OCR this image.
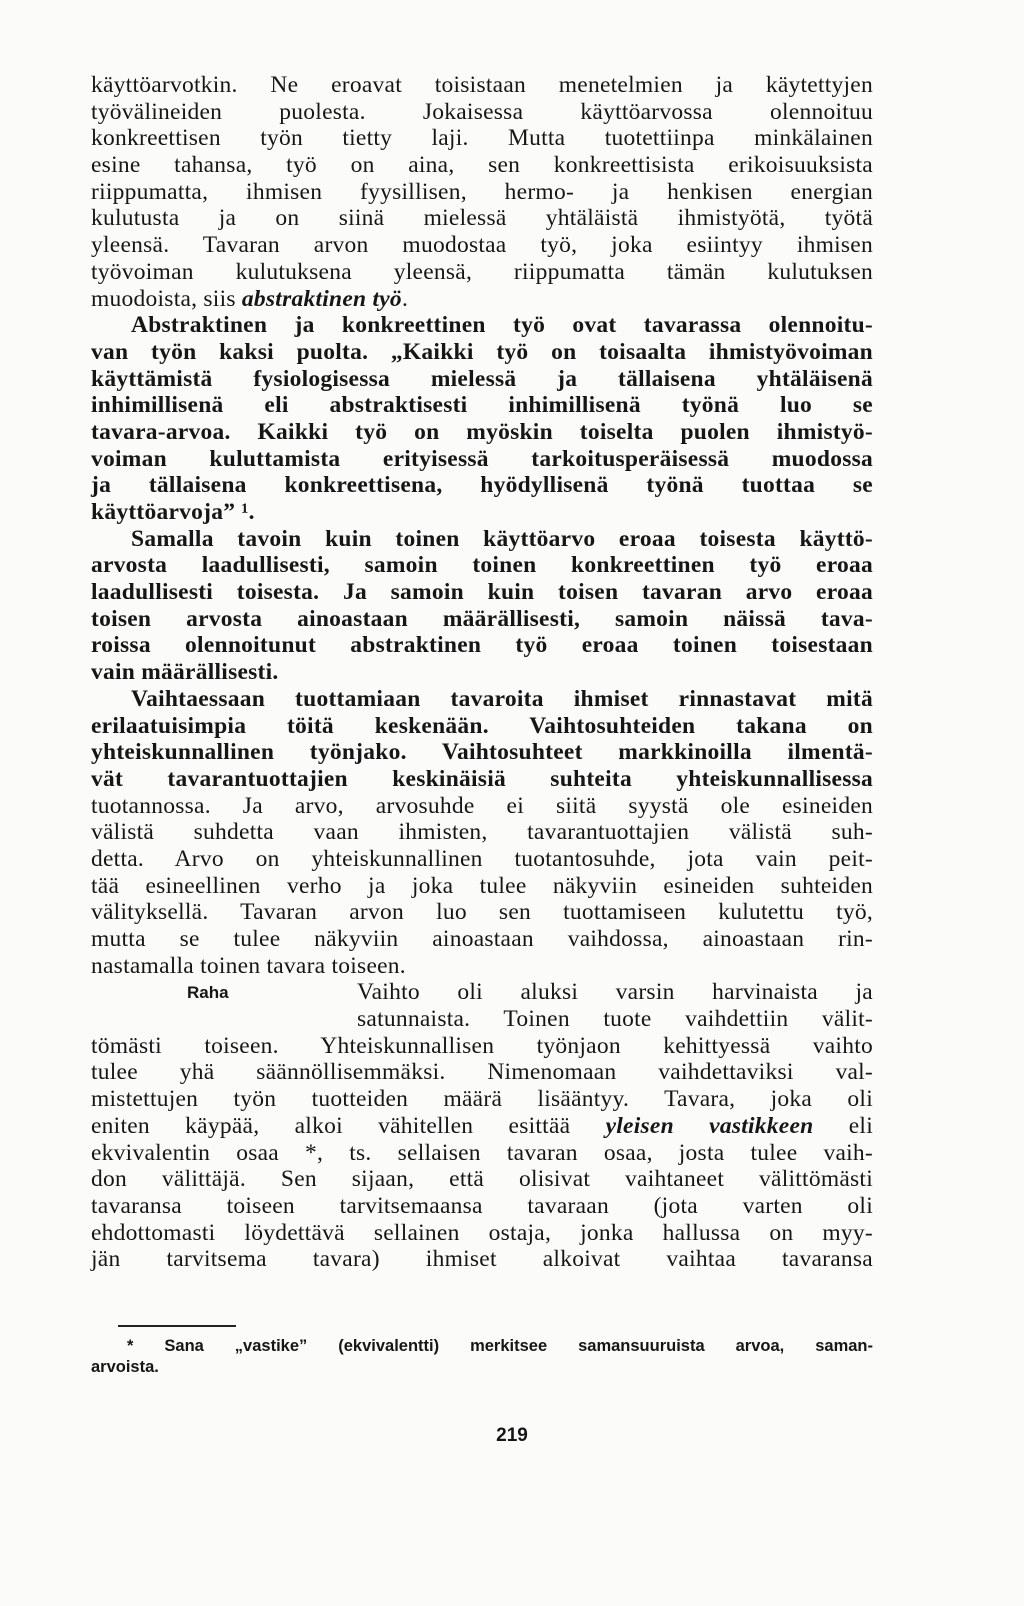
käyttöarvotkin. Ne eroavat toisistaan menetelmien ja käytettyjen
työvälineiden puolesta. Jokaisessa käyttöarvossa olennoituu
konkreettisen työn tietty laji. Mutta tuotettiinpa minkälainen
esine tahansa, työ on aina, sen konkreettisista erikoisuuksista
riippumatta, ihmisen fyysillisen, hermo- ja henkisen energian
kulutusta ja on siinä mielessä yhtäläistä ihmistyötä, työtä
yleensä. Tavaran arvon muodostaa työ, joka esiintyy ihmisen
työvoiman kulutuksena yleensä, riippumatta tämän kulutuksen
muodoista, siis abstraktinen työ.
Abstraktinen ja konkreettinen työ ovat tavarassa olennoitu-
van työn kaksi puolta. „Kaikki työ on toisaalta ihmistyövoiman
käyttämistä fysiologisessa mielessä ja tällaisena yhtäläisenä
inhimillisenä eli abstraktisesti inhimillisenä työnä luo se
tavara-arvoa. Kaikki työ on myöskin toiselta puolen ihmistyö-
voiman kuluttamista erityisessä tarkoitusperäisessä muodossa
ja tällaisena konkreettisena, hyödyllisenä työnä tuottaa se
käyttöarvoja” ¹.
Samalla tavoin kuin toinen käyttöarvo eroaa toisesta käyttö-
arvosta laadullisesti, samoin toinen konkreettinen työ eroaa
laadullisesti toisesta. Ja samoin kuin toisen tavaran arvo eroaa
toisen arvosta ainoastaan määrällisesti, samoin näissä tava-
roissa olennoitunut abstraktinen työ eroaa toinen toisestaan
vain määrällisesti.
Vaihtaessaan tuottamiaan tavaroita ihmiset rinnastavat mitä
erilaatuisimpia töitä keskenään. Vaihtosuhteiden takana on
yhteiskunnallinen työnjako. Vaihtosuhteet markkinoilla ilmentä-
vät tavarantuottajien keskinäisiä suhteita yhteiskunnallisessa
tuotannossa. Ja arvo, arvosuhde ei siitä syystä ole esineiden
välistä suhdetta vaan ihmisten, tavarantuottajien välistä suh-
detta. Arvo on yhteiskunnallinen tuotantosuhde, jota vain peit-
tää esineellinen verho ja joka tulee näkyviin esineiden suhteiden
välityksellä. Tavaran arvon luo sen tuottamiseen kulutettu työ,
mutta se tulee näkyviin ainoastaan vaihdossa, ainoastaan rin-
nastamalla toinen tavara toiseen.
Raha	Vaihto oli aluksi varsin harvinaista ja
satunnaista. Toinen tuote vaihdettiin välit-
tömästi toiseen. Yhteiskunnallisen työnjaon kehittyessä vaihto
tulee yhä säännöllisemmäksi. Nimenomaan vaihdettaviksi val-
mistettujen työn tuotteiden määrä lisääntyy. Tavara, joka oli
eniten käypää, alkoi vähitellen esittää yleisen vastikkeen eli
ekvivalentin osaa *, ts. sellaisen tavaran osaa, josta tulee vaih-
don välittäjä. Sen sijaan, että olisivat vaihtaneet välittömästi
tavaransa toiseen tarvitsemaansa tavaraan (jota varten oli
ehdottomasti löydettävä sellainen ostaja, jonka hallussa on myy-
jän tarvitsema tavara) ihmiset alkoivat vaihtaa tavaransa
* Sana „vastike” (ekvivalentti) merkitsee samansuuruista arvoa, saman-
arvoista.
219
